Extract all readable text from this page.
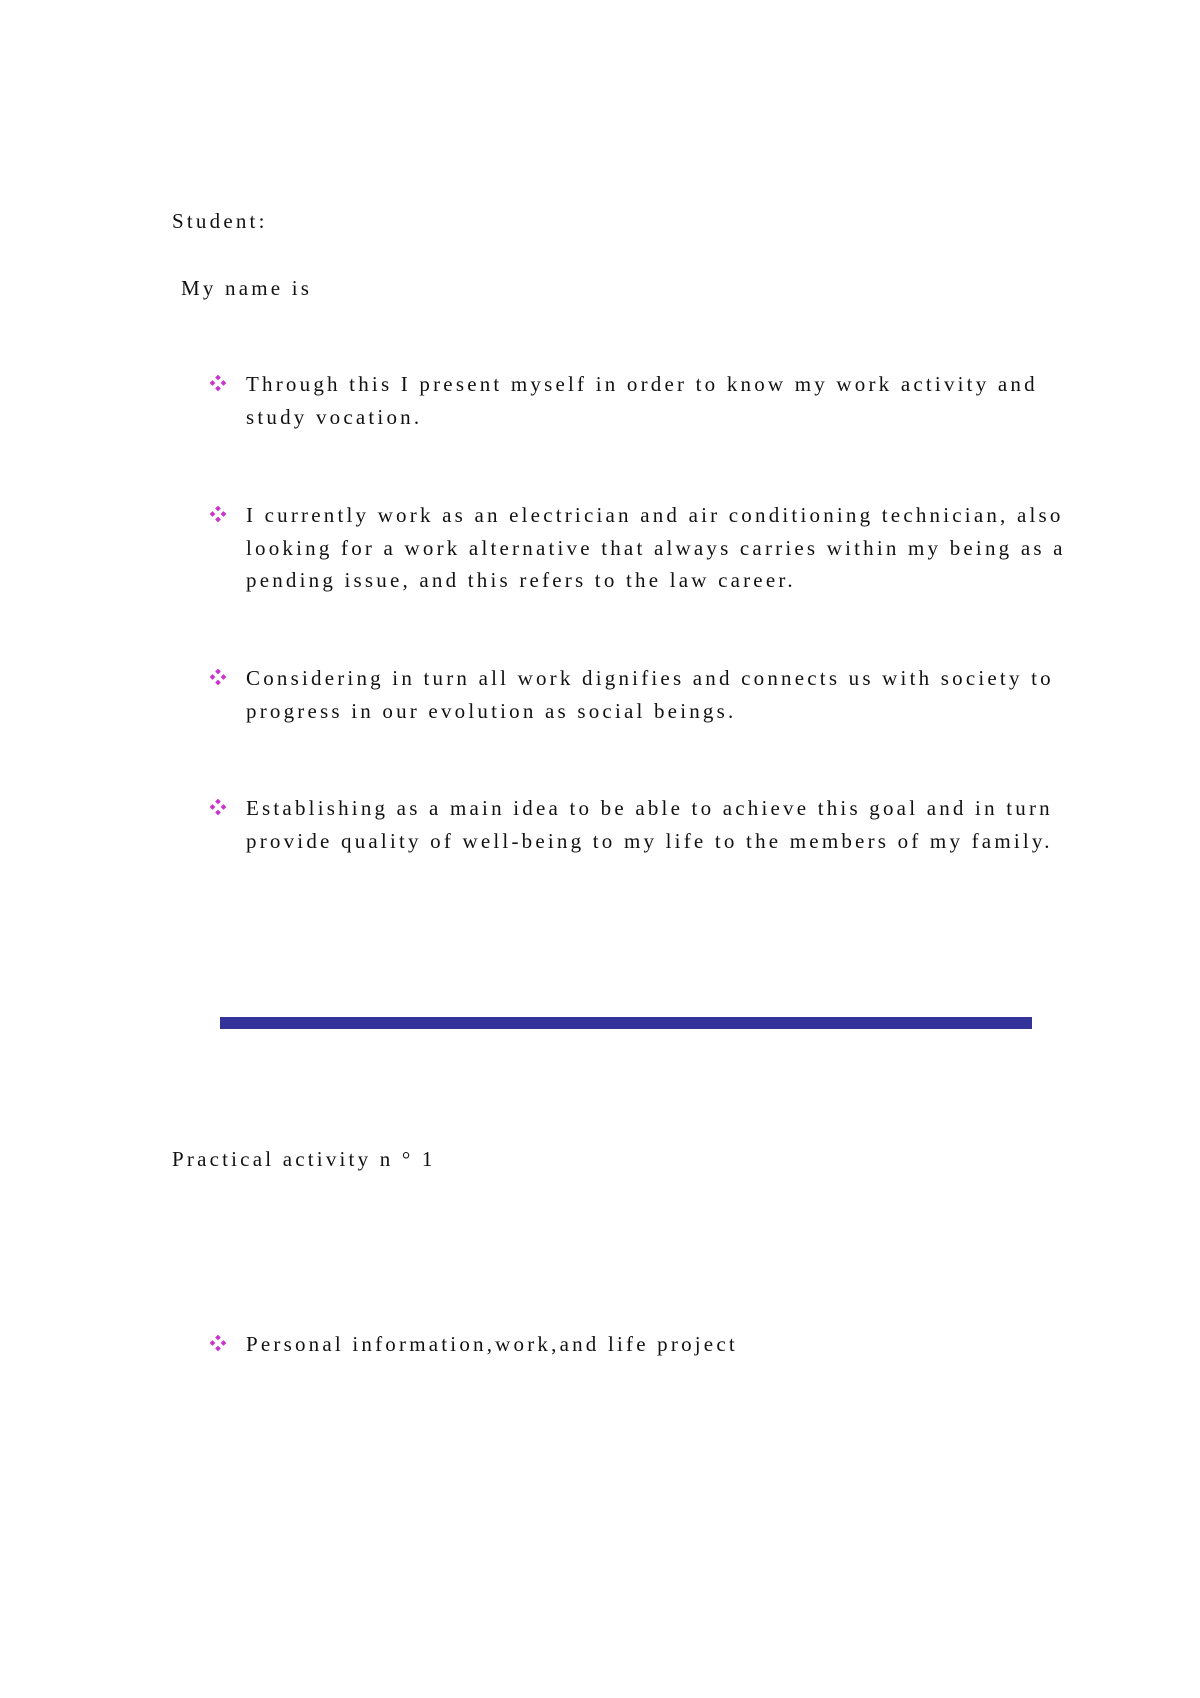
Student:
My name is
Through this I present myself in order to know my work activity and study vocation.
I currently work as an electrician and air conditioning technician, also looking for a work alternative that always carries within my being as a pending issue, and this refers to the law career.
Considering in turn all work dignifies and connects us with society to progress in our evolution as social beings.
Establishing as a main idea to be able to achieve this goal and in turn provide quality of well-being to my life to the members of my family.
Practical activity n ° 1
Personal information,work,and life project
